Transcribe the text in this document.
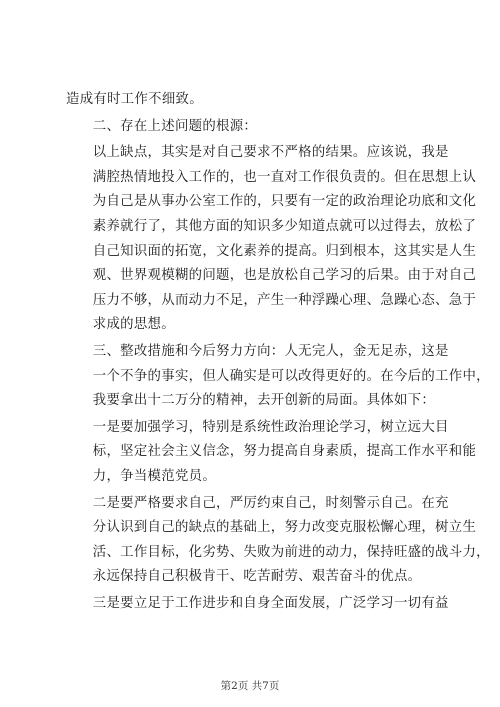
造成有时工作不细致。

二、存在上述问题的根源：

以上缺点，其实是对自己要求不严格的结果。应该说，我是
满腔热情地投入工作的，也一直对工作很负责的。但在思想上认
为自己是从事办公室工作的，只要有一定的政治理论功底和文化
素养就行了，其他方面的知识多少知道点就可以过得去，放松了
自己知识面的拓宽，文化素养的提高。归到根本，这其实是人生
观、世界观模糊的问题，也是放松自己学习的后果。由于对自己
压力不够，从而动力不足，产生一种浮躁心理、急躁心态、急于
求成的思想。

三、整改措施和今后努力方向：人无完人，金无足赤，这是
一个不争的事实，但人确实是可以改得更好的。在今后的工作中，
我要拿出十二万分的精神，去开创新的局面。具体如下：

一是要加强学习，特别是系统性政治理论学习，树立远大目
标，坚定社会主义信念，努力提高自身素质，提高工作水平和能
力，争当模范党员。

二是要严格要求自己，严厉约束自己，时刻警示自己。在充
分认识到自己的缺点的基础上，努力改变克服松懈心理，树立生
活、工作目标，化劣势、失败为前进的动力，保持旺盛的战斗力，
永远保持自己积极肯干、吃苦耐劳、艰苦奋斗的优点。

三是要立足于工作进步和自身全面发展，广泛学习一切有益

第2页 共7页
